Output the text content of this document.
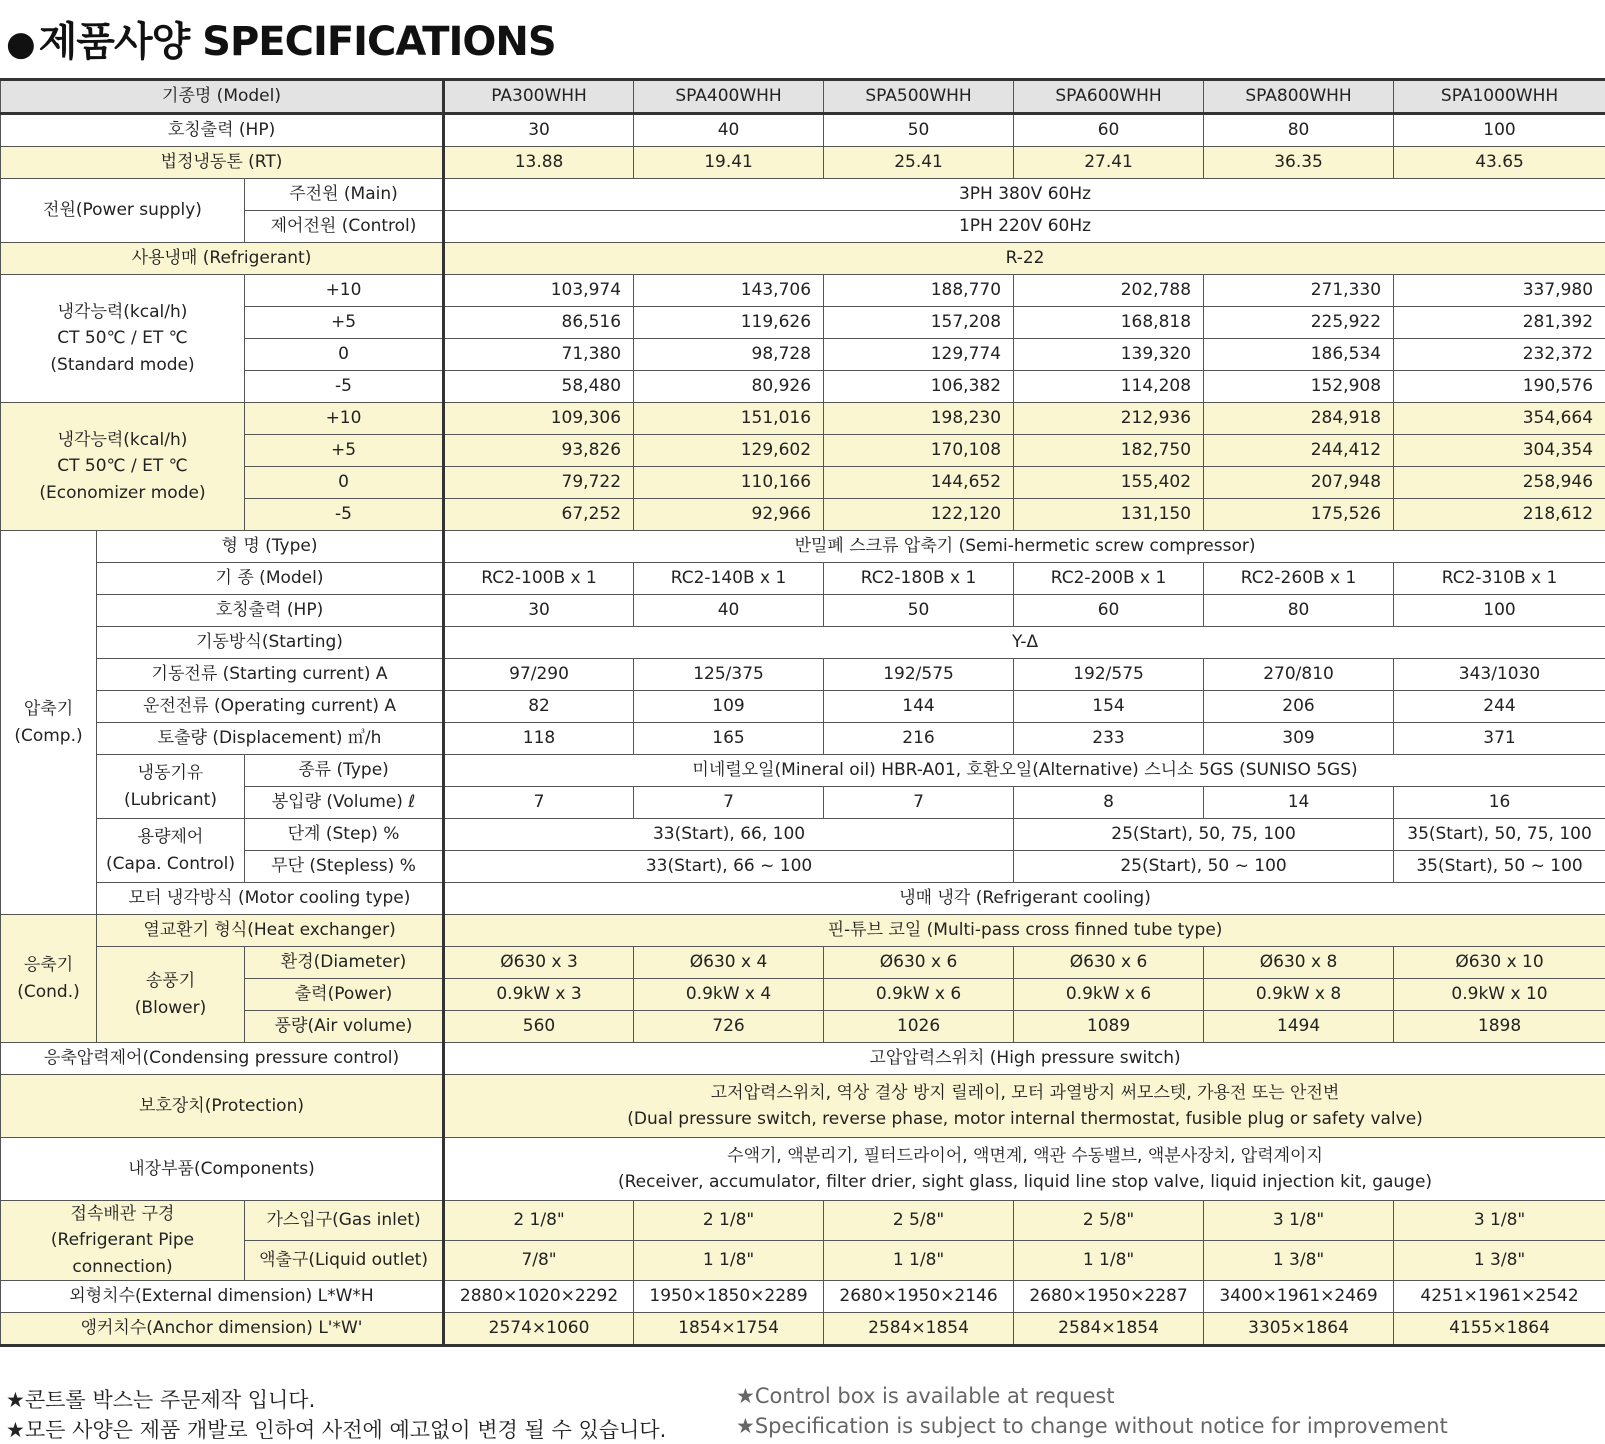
● 제품사양 SPECIFICATIONS
기종명 (Model)			PA300WHH	SPA400WHH	SPA500WHH	SPA600WHH	SPA800WHH	SPA1000WHH
호칭출력 (HP)			30	40	50	60	80	100
법정냉동톤 (RT)			13.88	19.41	25.41	27.41	36.35	43.65
전원(Power supply)		주전원 (Main)	3PH 380V 60Hz					
		제어전원 (Control)	1PH 220V 60Hz					
사용냉매 (Refrigerant)			R-22					
냉각능력(kcal/h)
CT 50℃ / ET ℃
(Standard mode)		+10	103,974	143,706	188,770	202,788	271,330	337,980
		+5	86,516	119,626	157,208	168,818	225,922	281,392
		0	71,380	98,728	129,774	139,320	186,534	232,372
		-5	58,480	80,926	106,382	114,208	152,908	190,576
냉각능력(kcal/h)
CT 50℃ / ET ℃
(Economizer mode)		+10	109,306	151,016	198,230	212,936	284,918	354,664
		+5	93,826	129,602	170,108	182,750	244,412	304,354
		0	79,722	110,166	144,652	155,402	207,948	258,946
		-5	67,252	92,966	122,120	131,150	175,526	218,612
압축기
(Comp.)	형 명 (Type)		반밀폐 스크류 압축기 (Semi-hermetic screw compressor)					
	기 종 (Model)		RC2-100B x 1	RC2-140B x 1	RC2-180B x 1	RC2-200B x 1	RC2-260B x 1	RC2-310B x 1
	호칭출력 (HP)		30	40	50	60	80	100
	기동방식(Starting)		Y-Δ					
	기동전류 (Starting current) A		97/290	125/375	192/575	192/575	270/810	343/1030
	운전전류 (Operating current) A		82	109	144	154	206	244
	토출량 (Displacement) ㎥/h		118	165	216	233	309	371
	냉동기유
(Lubricant)	종류 (Type)	미네럴오일(Mineral oil) HBR-A01, 호환오일(Alternative) 스니소 5GS (SUNISO 5GS)					
		봉입량 (Volume) ℓ	7	7	7	8	14	16
	용량제어
(Capa. Control)	단계 (Step) %	33(Start), 66, 100			25(Start), 50, 75, 100		35(Start), 50, 75, 100
		무단 (Stepless) %	33(Start), 66 ~ 100			25(Start), 50 ~ 100		35(Start), 50 ~ 100
	모터 냉각방식 (Motor cooling type)		냉매 냉각 (Refrigerant cooling)					
응축기
(Cond.)	열교환기 형식(Heat exchanger)		핀-튜브 코일 (Multi-pass cross finned tube type)					
	송풍기
(Blower)	환경(Diameter)	Ø630 x 3	Ø630 x 4	Ø630 x 6	Ø630 x 6	Ø630 x 8	Ø630 x 10
		출력(Power)	0.9kW x 3	0.9kW x 4	0.9kW x 6	0.9kW x 6	0.9kW x 8	0.9kW x 10
		풍량(Air volume)	560	726	1026	1089	1494	1898
응축압력제어(Condensing pressure control)			고압압력스위치 (High pressure switch)					
보호장치(Protection)			고저압력스위치, 역상 결상 방지 릴레이, 모터 과열방지 써모스텟, 가용전 또는 안전변
(Dual pressure switch, reverse phase, motor internal thermostat, fusible plug or safety valve)					
내장부품(Components)			수액기, 액분리기, 필터드라이어, 액면계, 액관 수동밸브, 액분사장치, 압력계이지
(Receiver, accumulator, filter drier, sight glass, liquid line stop valve, liquid injection kit, gauge)					
접속배관 구경
(Refrigerant Pipe connection)		가스입구(Gas inlet)	2 1/8"	2 1/8"	2 5/8"	2 5/8"	3 1/8"	3 1/8"
		액출구(Liquid outlet)	7/8"	1 1/8"	1 1/8"	1 1/8"	1 3/8"	1 3/8"
외형치수(External dimension) L*W*H			2880×1020×2292	1950×1850×2289	2680×1950×2146	2680×1950×2287	3400×1961×2469	4251×1961×2542
앵커치수(Anchor dimension) L'*W'			2574×1060	1854×1754	2584×1854	2584×1854	3305×1864	4155×1864
★콘트롤 박스는 주문제작 입니다.
★모든 사양은 제품 개발로 인하여 사전에 예고없이 변경 될 수 있습니다.
★Control box is available at request
★Specification is subject to change without notice for improvement
